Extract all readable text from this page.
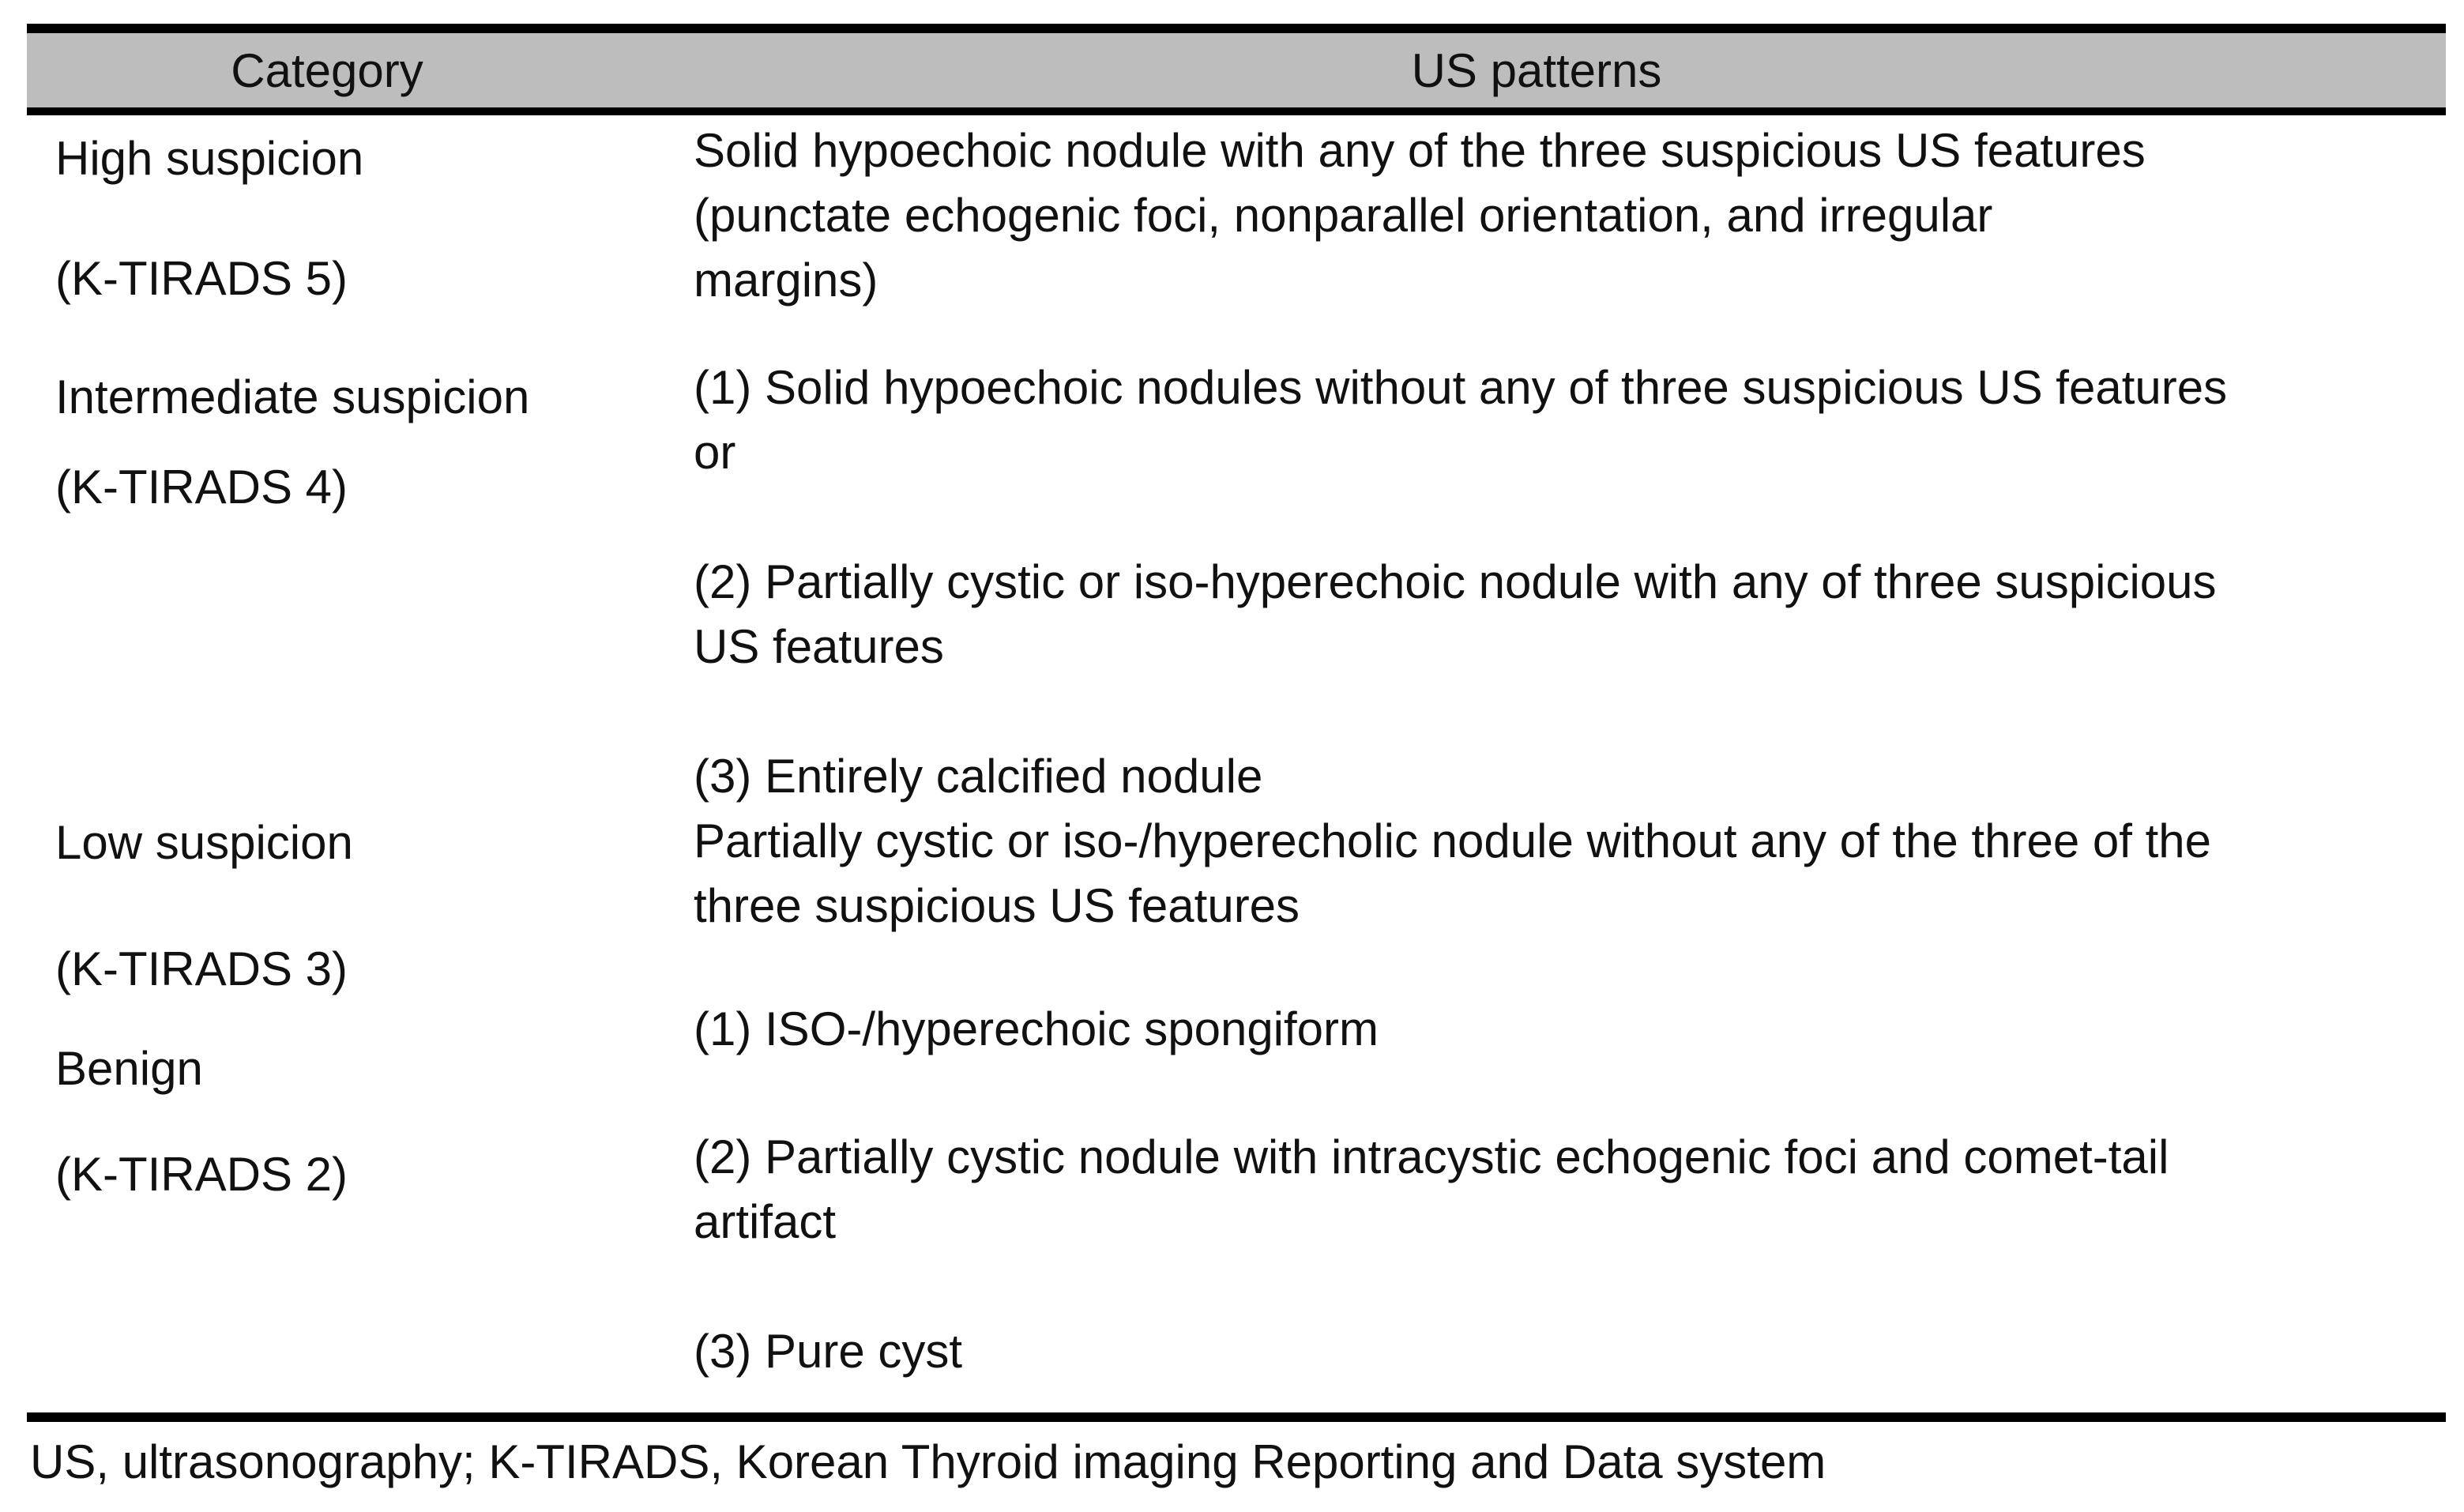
Category	US patterns
High suspicion
(K-TIRADS 5)
Solid hypoechoic nodule with any of the three suspicious US features
(punctate echogenic foci, nonparallel orientation, and irregular
margins)
Intermediate suspicion
(K-TIRADS 4)
(1) Solid hypoechoic nodules without any of three suspicious US features
or
(2) Partially cystic or iso-hyperechoic nodule with any of three suspicious
US features
(3) Entirely calcified nodule
Low suspicion
(K-TIRADS 3)
Partially cystic or iso-/hyperecholic nodule without any of the three of the
three suspicious US features
Benign
(K-TIRADS 2)
(1) ISO-/hyperechoic spongiform
(2) Partially cystic nodule with intracystic echogenic foci and comet-tail
artifact
(3) Pure cyst
US, ultrasonography; K-TIRADS, Korean Thyroid imaging Reporting and Data system
